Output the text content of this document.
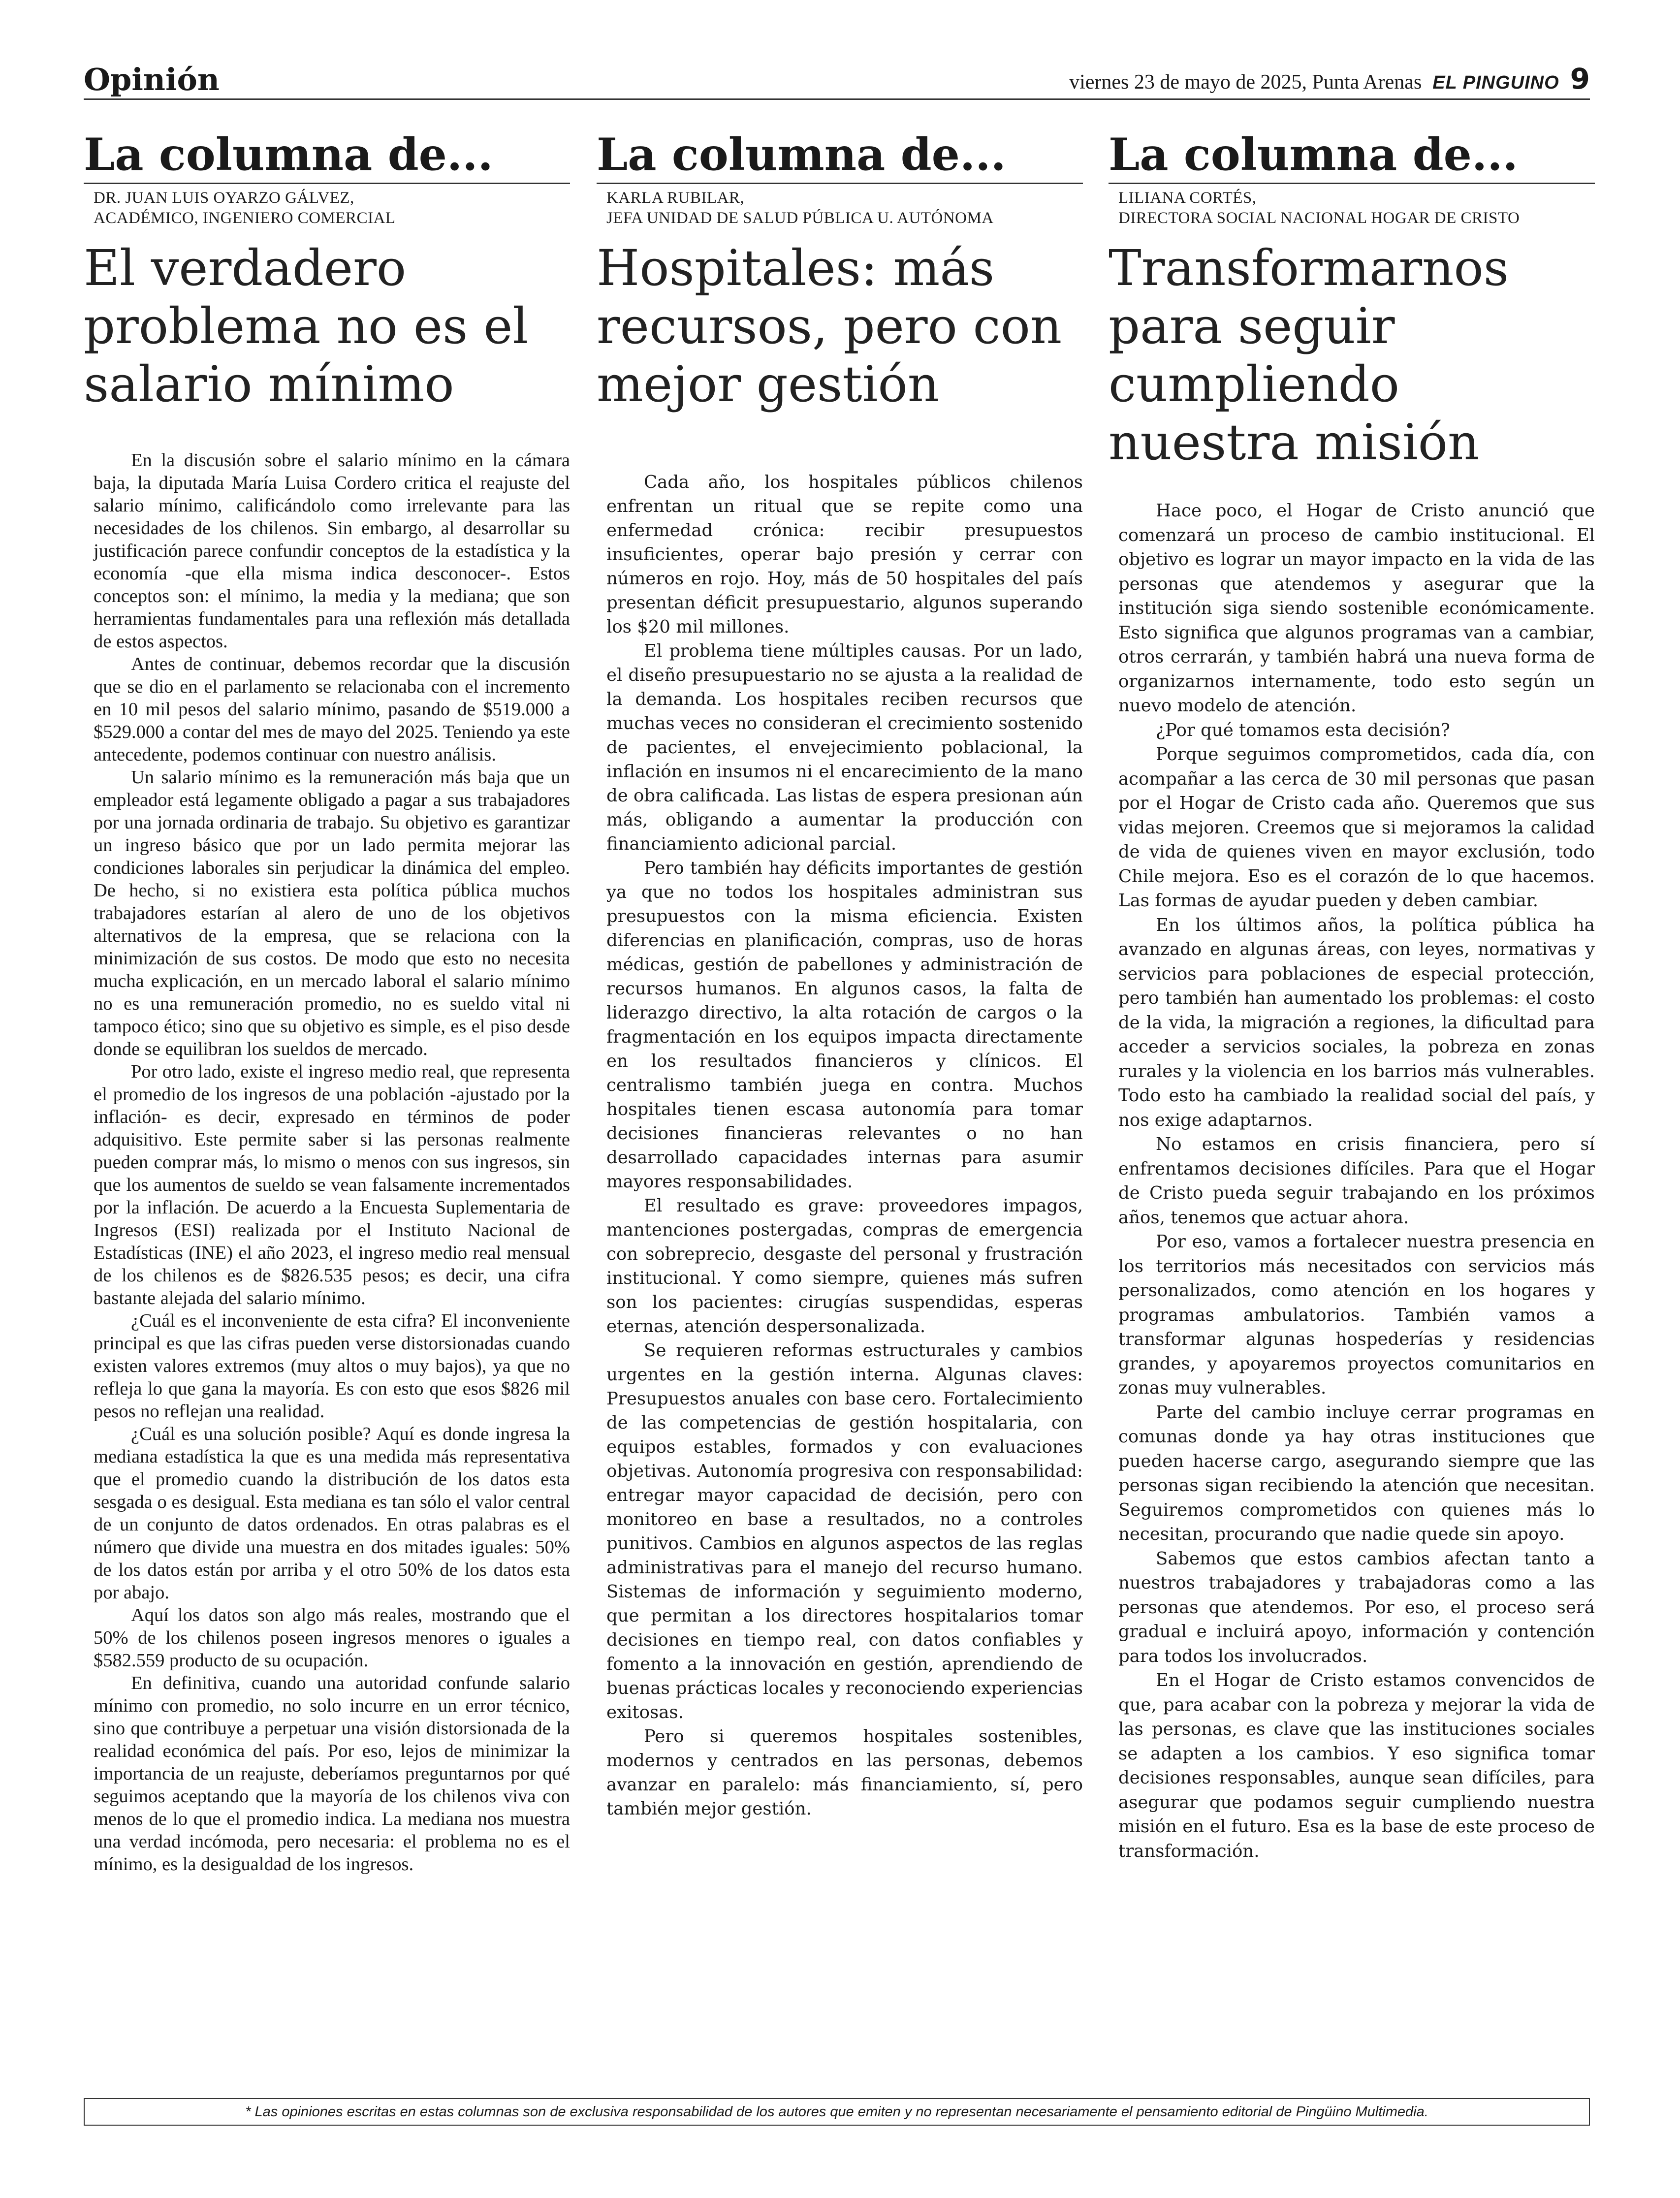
Opinión	viernes 23 de mayo de 2025, Punta Arenas EL PINGUINO 9
La columna de...
DR. JUAN LUIS OYARZO GÁLVEZ,
ACADÉMICO, INGENIERO COMERCIAL
El verdadero problema no es el salario mínimo

En la discusión sobre el salario mínimo en la cámara baja, la diputada María Luisa Cordero critica el reajuste del salario mínimo, calificándolo como irrelevante para las necesidades de los chilenos. Sin embargo, al desarrollar su justificación parece confundir conceptos de la estadística y la economía -que ella misma indica desconocer-. Estos conceptos son: el mínimo, la media y la mediana; que son herramientas fundamentales para una reflexión más detallada de estos aspectos.

Antes de continuar, debemos recordar que la discusión que se dio en el parlamento se relacionaba con el incremento en 10 mil pesos del salario mínimo, pasando de $519.000 a $529.000 a contar del mes de mayo del 2025. Teniendo ya este antecedente, podemos continuar con nuestro análisis.

Un salario mínimo es la remuneración más baja que un empleador está legamente obligado a pagar a sus trabajadores por una jornada ordinaria de trabajo. Su objetivo es garantizar un ingreso básico que por un lado permita mejorar las condiciones laborales sin perjudicar la dinámica del empleo. De hecho, si no existiera esta política pública muchos trabajadores estarían al alero de uno de los objetivos alternativos de la empresa, que se relaciona con la minimización de sus costos. De modo que esto no necesita mucha explicación, en un mercado laboral el salario mínimo no es una remuneración promedio, no es sueldo vital ni tampoco ético; sino que su objetivo es simple, es el piso desde donde se equilibran los sueldos de mercado.

Por otro lado, existe el ingreso medio real, que representa el promedio de los ingresos de una población -ajustado por la inflación- es decir, expresado en términos de poder adquisitivo. Este permite saber si las personas realmente pueden comprar más, lo mismo o menos con sus ingresos, sin que los aumentos de sueldo se vean falsamente incrementados por la inflación. De acuerdo a la Encuesta Suplementaria de Ingresos (ESI) realizada por el Instituto Nacional de Estadísticas (INE) el año 2023, el ingreso medio real mensual de los chilenos es de $826.535 pesos; es decir, una cifra bastante alejada del salario mínimo.

¿Cuál es el inconveniente de esta cifra? El inconveniente principal es que las cifras pueden verse distorsionadas cuando existen valores extremos (muy altos o muy bajos), ya que no refleja lo que gana la mayoría. Es con esto que esos $826 mil pesos no reflejan una realidad.

¿Cuál es una solución posible? Aquí es donde ingresa la mediana estadística la que es una medida más representativa que el promedio cuando la distribución de los datos esta sesgada o es desigual. Esta mediana es tan sólo el valor central de un conjunto de datos ordenados. En otras palabras es el número que divide una muestra en dos mitades iguales: 50% de los datos están por arriba y el otro 50% de los datos esta por abajo.

Aquí los datos son algo más reales, mostrando que el 50% de los chilenos poseen ingresos menores o iguales a $582.559 producto de su ocupación.

En definitiva, cuando una autoridad confunde salario mínimo con promedio, no solo incurre en un error técnico, sino que contribuye a perpetuar una visión distorsionada de la realidad económica del país. Por eso, lejos de minimizar la importancia de un reajuste, deberíamos preguntarnos por qué seguimos aceptando que la mayoría de los chilenos viva con menos de lo que el promedio indica. La mediana nos muestra una verdad incómoda, pero necesaria: el problema no es el mínimo, es la desigualdad de los ingresos.

La columna de...
KARLA RUBILAR,
JEFA UNIDAD DE SALUD PÚBLICA U. AUTÓNOMA
Hospitales: más recursos, pero con mejor gestión

Cada año, los hospitales públicos chilenos enfrentan un ritual que se repite como una enfermedad crónica: recibir presupuestos insuficientes, operar bajo presión y cerrar con números en rojo. Hoy, más de 50 hospitales del país presentan déficit presupuestario, algunos superando los $20 mil millones.

El problema tiene múltiples causas. Por un lado, el diseño presupuestario no se ajusta a la realidad de la demanda. Los hospitales reciben recursos que muchas veces no consideran el crecimiento sostenido de pacientes, el envejecimiento poblacional, la inflación en insumos ni el encarecimiento de la mano de obra calificada. Las listas de espera presionan aún más, obligando a aumentar la producción con financiamiento adicional parcial.

Pero también hay déficits importantes de gestión ya que no todos los hospitales administran sus presupuestos con la misma eficiencia. Existen diferencias en planificación, compras, uso de horas médicas, gestión de pabellones y administración de recursos humanos. En algunos casos, la falta de liderazgo directivo, la alta rotación de cargos o la fragmentación en los equipos impacta directamente en los resultados financieros y clínicos. El centralismo también juega en contra. Muchos hospitales tienen escasa autonomía para tomar decisiones financieras relevantes o no han desarrollado capacidades internas para asumir mayores responsabilidades.

El resultado es grave: proveedores impagos, mantenciones postergadas, compras de emergencia con sobreprecio, desgaste del personal y frustración institucional. Y como siempre, quienes más sufren son los pacientes: cirugías suspendidas, esperas eternas, atención despersonalizada.

Se requieren reformas estructurales y cambios urgentes en la gestión interna. Algunas claves: Presupuestos anuales con base cero. Fortalecimiento de las competencias de gestión hospitalaria, con equipos estables, formados y con evaluaciones objetivas. Autonomía progresiva con responsabilidad: entregar mayor capacidad de decisión, pero con monitoreo en base a resultados, no a controles punitivos. Cambios en algunos aspectos de las reglas administrativas para el manejo del recurso humano. Sistemas de información y seguimiento moderno, que permitan a los directores hospitalarios tomar decisiones en tiempo real, con datos confiables y fomento a la innovación en gestión, aprendiendo de buenas prácticas locales y reconociendo experiencias exitosas.

Pero si queremos hospitales sostenibles, modernos y centrados en las personas, debemos avanzar en paralelo: más financiamiento, sí, pero también mejor gestión.

La columna de...
LILIANA CORTÉS,
DIRECTORA SOCIAL NACIONAL HOGAR DE CRISTO
Transformarnos para seguir cumpliendo nuestra misión

Hace poco, el Hogar de Cristo anunció que comenzará un proceso de cambio institucional. El objetivo es lograr un mayor impacto en la vida de las personas que atendemos y asegurar que la institución siga siendo sostenible económicamente. Esto significa que algunos programas van a cambiar, otros cerrarán, y también habrá una nueva forma de organizarnos internamente, todo esto según un nuevo modelo de atención.

¿Por qué tomamos esta decisión?

Porque seguimos comprometidos, cada día, con acompañar a las cerca de 30 mil personas que pasan por el Hogar de Cristo cada año. Queremos que sus vidas mejoren. Creemos que si mejoramos la calidad de vida de quienes viven en mayor exclusión, todo Chile mejora. Eso es el corazón de lo que hacemos. Las formas de ayudar pueden y deben cambiar.

En los últimos años, la política pública ha avanzado en algunas áreas, con leyes, normativas y servicios para poblaciones de especial protección, pero también han aumentado los problemas: el costo de la vida, la migración a regiones, la dificultad para acceder a servicios sociales, la pobreza en zonas rurales y la violencia en los barrios más vulnerables. Todo esto ha cambiado la realidad social del país, y nos exige adaptarnos.

No estamos en crisis financiera, pero sí enfrentamos decisiones difíciles. Para que el Hogar de Cristo pueda seguir trabajando en los próximos años, tenemos que actuar ahora.

Por eso, vamos a fortalecer nuestra presencia en los territorios más necesitados con servicios más personalizados, como atención en los hogares y programas ambulatorios. También vamos a transformar algunas hospederías y residencias grandes, y apoyaremos proyectos comunitarios en zonas muy vulnerables.

Parte del cambio incluye cerrar programas en comunas donde ya hay otras instituciones que pueden hacerse cargo, asegurando siempre que las personas sigan recibiendo la atención que necesitan. Seguiremos comprometidos con quienes más lo necesitan, procurando que nadie quede sin apoyo.

Sabemos que estos cambios afectan tanto a nuestros trabajadores y trabajadoras como a las personas que atendemos. Por eso, el proceso será gradual e incluirá apoyo, información y contención para todos los involucrados.

En el Hogar de Cristo estamos convencidos de que, para acabar con la pobreza y mejorar la vida de las personas, es clave que las instituciones sociales se adapten a los cambios. Y eso significa tomar decisiones responsables, aunque sean difíciles, para asegurar que podamos seguir cumpliendo nuestra misión en el futuro. Esa es la base de este proceso de transformación.

* Las opiniones escritas en estas columnas son de exclusiva responsabilidad de los autores que emiten y no representan necesariamente el pensamiento editorial de Pingüino Multimedia.
